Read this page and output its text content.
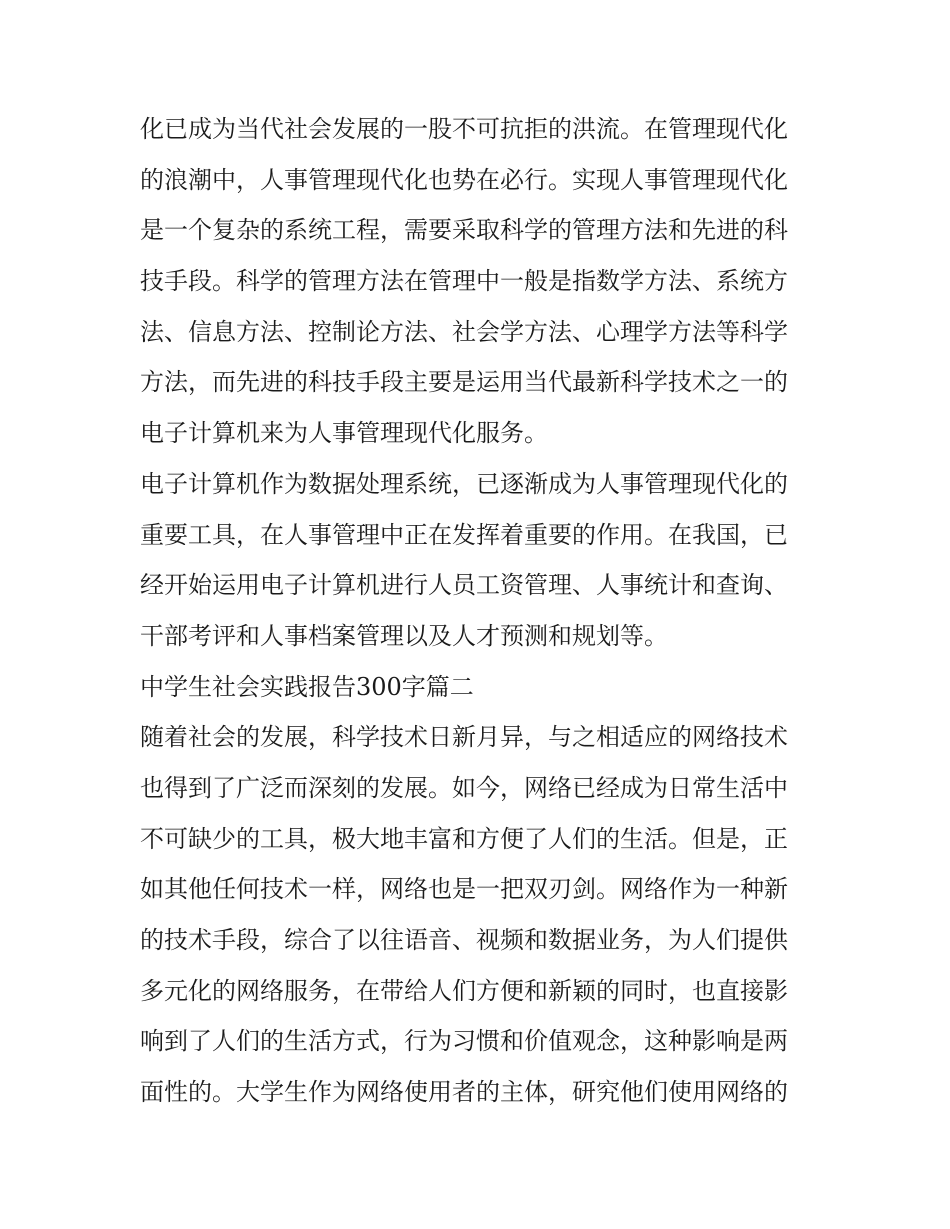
化已成为当代社会发展的一股不可抗拒的洪流。在管理现代化
的浪潮中，人事管理现代化也势在必行。实现人事管理现代化
是一个复杂的系统工程，需要采取科学的管理方法和先进的科
技手段。科学的管理方法在管理中一般是指数学方法、系统方
法、信息方法、控制论方法、社会学方法、心理学方法等科学
方法，而先进的科技手段主要是运用当代最新科学技术之一的
电子计算机来为人事管理现代化服务。
电子计算机作为数据处理系统，已逐渐成为人事管理现代化的
重要工具，在人事管理中正在发挥着重要的作用。在我国，已
经开始运用电子计算机进行人员工资管理、人事统计和查询、
干部考评和人事档案管理以及人才预测和规划等。
中学生社会实践报告300字篇二
随着社会的发展，科学技术日新月异，与之相适应的网络技术
也得到了广泛而深刻的发展。如今，网络已经成为日常生活中
不可缺少的工具，极大地丰富和方便了人们的生活。但是，正
如其他任何技术一样，网络也是一把双刃剑。网络作为一种新
的技术手段，综合了以往语音、视频和数据业务，为人们提供
多元化的网络服务，在带给人们方便和新颖的同时，也直接影
响到了人们的生活方式，行为习惯和价值观念，这种影响是两
面性的。大学生作为网络使用者的主体，研究他们使用网络的
